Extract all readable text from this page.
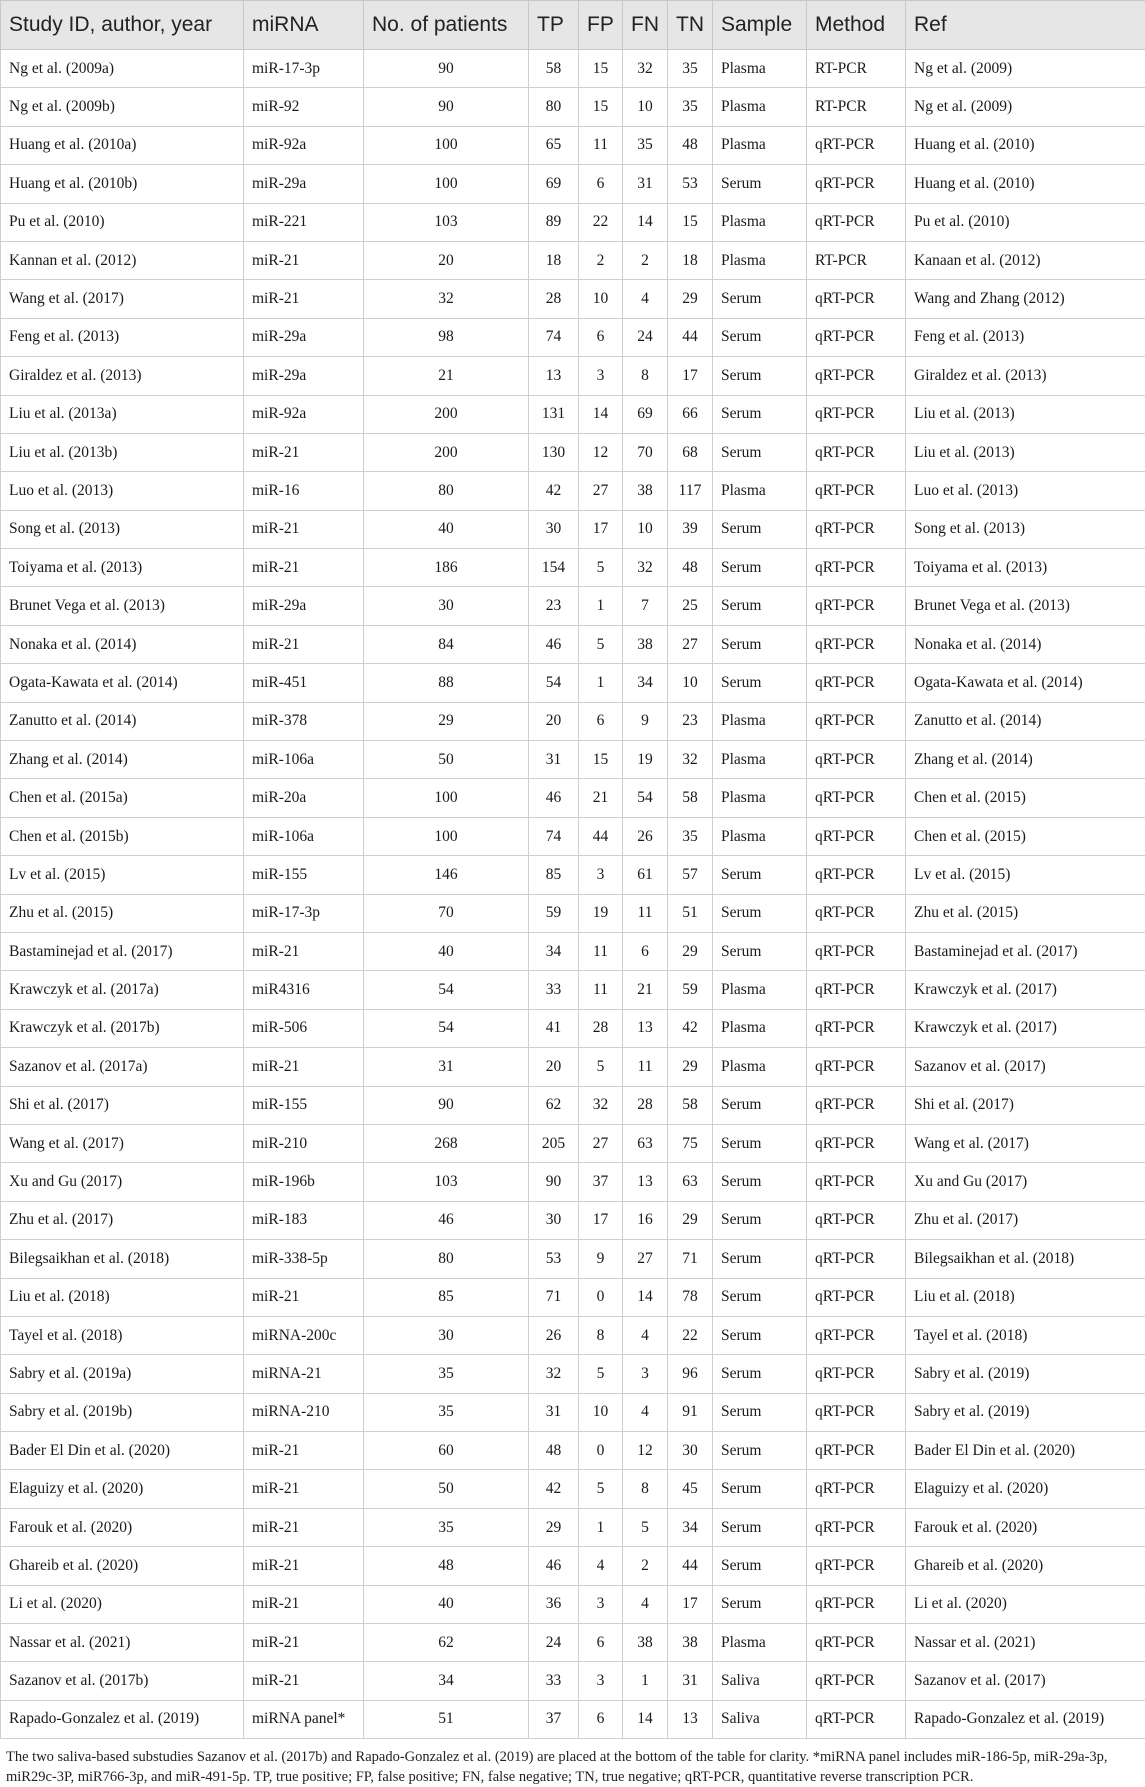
Study ID, author, year	miRNA	No. of patients	TP	FP	FN	TN	Sample	Method	Ref
Ng et al. (2009a)	miR-17-3p	90	58	15	32	35	Plasma	RT-PCR	Ng et al. (2009)
Ng et al. (2009b)	miR-92	90	80	15	10	35	Plasma	RT-PCR	Ng et al. (2009)
Huang et al. (2010a)	miR-92a	100	65	11	35	48	Plasma	qRT-PCR	Huang et al. (2010)
Huang et al. (2010b)	miR-29a	100	69	6	31	53	Serum	qRT-PCR	Huang et al. (2010)
Pu et al. (2010)	miR-221	103	89	22	14	15	Plasma	qRT-PCR	Pu et al. (2010)
Kannan et al. (2012)	miR-21	20	18	2	2	18	Plasma	RT-PCR	Kanaan et al. (2012)
Wang et al. (2017)	miR-21	32	28	10	4	29	Serum	qRT-PCR	Wang and Zhang (2012)
Feng et al. (2013)	miR-29a	98	74	6	24	44	Serum	qRT-PCR	Feng et al. (2013)
Giraldez et al. (2013)	miR-29a	21	13	3	8	17	Serum	qRT-PCR	Giraldez et al. (2013)
Liu et al. (2013a)	miR-92a	200	131	14	69	66	Serum	qRT-PCR	Liu et al. (2013)
Liu et al. (2013b)	miR-21	200	130	12	70	68	Serum	qRT-PCR	Liu et al. (2013)
Luo et al. (2013)	miR-16	80	42	27	38	117	Plasma	qRT-PCR	Luo et al. (2013)
Song et al. (2013)	miR-21	40	30	17	10	39	Serum	qRT-PCR	Song et al. (2013)
Toiyama et al. (2013)	miR-21	186	154	5	32	48	Serum	qRT-PCR	Toiyama et al. (2013)
Brunet Vega et al. (2013)	miR-29a	30	23	1	7	25	Serum	qRT-PCR	Brunet Vega et al. (2013)
Nonaka et al. (2014)	miR-21	84	46	5	38	27	Serum	qRT-PCR	Nonaka et al. (2014)
Ogata-Kawata et al. (2014)	miR-451	88	54	1	34	10	Serum	qRT-PCR	Ogata-Kawata et al. (2014)
Zanutto et al. (2014)	miR-378	29	20	6	9	23	Plasma	qRT-PCR	Zanutto et al. (2014)
Zhang et al. (2014)	miR-106a	50	31	15	19	32	Plasma	qRT-PCR	Zhang et al. (2014)
Chen et al. (2015a)	miR-20a	100	46	21	54	58	Plasma	qRT-PCR	Chen et al. (2015)
Chen et al. (2015b)	miR-106a	100	74	44	26	35	Plasma	qRT-PCR	Chen et al. (2015)
Lv et al. (2015)	miR-155	146	85	3	61	57	Serum	qRT-PCR	Lv et al. (2015)
Zhu et al. (2015)	miR-17-3p	70	59	19	11	51	Serum	qRT-PCR	Zhu et al. (2015)
Bastaminejad et al. (2017)	miR-21	40	34	11	6	29	Serum	qRT-PCR	Bastaminejad et al. (2017)
Krawczyk et al. (2017a)	miR4316	54	33	11	21	59	Plasma	qRT-PCR	Krawczyk et al. (2017)
Krawczyk et al. (2017b)	miR-506	54	41	28	13	42	Plasma	qRT-PCR	Krawczyk et al. (2017)
Sazanov et al. (2017a)	miR-21	31	20	5	11	29	Plasma	qRT-PCR	Sazanov et al. (2017)
Shi et al. (2017)	miR-155	90	62	32	28	58	Serum	qRT-PCR	Shi et al. (2017)
Wang et al. (2017)	miR-210	268	205	27	63	75	Serum	qRT-PCR	Wang et al. (2017)
Xu and Gu (2017)	miR-196b	103	90	37	13	63	Serum	qRT-PCR	Xu and Gu (2017)
Zhu et al. (2017)	miR-183	46	30	17	16	29	Serum	qRT-PCR	Zhu et al. (2017)
Bilegsaikhan et al. (2018)	miR-338-5p	80	53	9	27	71	Serum	qRT-PCR	Bilegsaikhan et al. (2018)
Liu et al. (2018)	miR-21	85	71	0	14	78	Serum	qRT-PCR	Liu et al. (2018)
Tayel et al. (2018)	miRNA-200c	30	26	8	4	22	Serum	qRT-PCR	Tayel et al. (2018)
Sabry et al. (2019a)	miRNA-21	35	32	5	3	96	Serum	qRT-PCR	Sabry et al. (2019)
Sabry et al. (2019b)	miRNA-210	35	31	10	4	91	Serum	qRT-PCR	Sabry et al. (2019)
Bader El Din et al. (2020)	miR-21	60	48	0	12	30	Serum	qRT-PCR	Bader El Din et al. (2020)
Elaguizy et al. (2020)	miR-21	50	42	5	8	45	Serum	qRT-PCR	Elaguizy et al. (2020)
Farouk et al. (2020)	miR-21	35	29	1	5	34	Serum	qRT-PCR	Farouk et al. (2020)
Ghareib et al. (2020)	miR-21	48	46	4	2	44	Serum	qRT-PCR	Ghareib et al. (2020)
Li et al. (2020)	miR-21	40	36	3	4	17	Serum	qRT-PCR	Li et al. (2020)
Nassar et al. (2021)	miR-21	62	24	6	38	38	Plasma	qRT-PCR	Nassar et al. (2021)
Sazanov et al. (2017b)	miR-21	34	33	3	1	31	Saliva	qRT-PCR	Sazanov et al. (2017)
Rapado-Gonzalez et al. (2019)	miRNA panel*	51	37	6	14	13	Saliva	qRT-PCR	Rapado-Gonzalez et al. (2019)
The two saliva-based substudies Sazanov et al. (2017b) and Rapado-Gonzalez et al. (2019) are placed at the bottom of the table for clarity. *miRNA panel includes miR-186-5p, miR-29a-3p, miR29c-3P, miR766-3p, and miR-491-5p. TP, true positive; FP, false positive; FN, false negative; TN, true negative; qRT-PCR, quantitative reverse transcription PCR.
